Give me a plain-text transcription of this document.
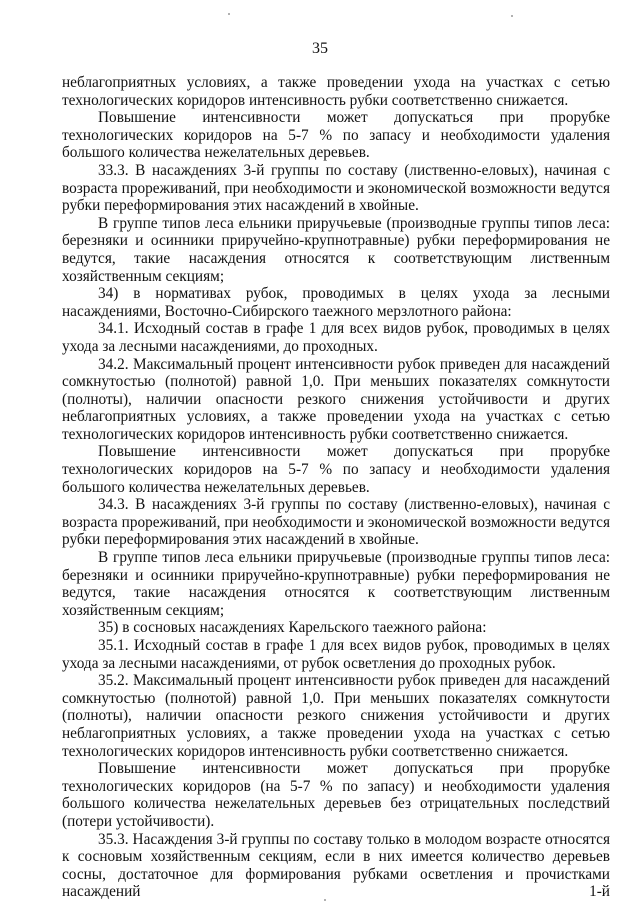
35

неблагоприятных условиях, а также проведении ухода на участках с сетью технологических коридоров интенсивность рубки соответственно снижается.

Повышение интенсивности может допускаться при прорубке технологических коридоров на 5-7 % по запасу и необходимости удаления большого количества нежелательных деревьев.

33.3. В насаждениях 3-й группы по составу (лиственно-еловых), начиная с возраста прореживаний, при необходимости и экономической возможности ведутся рубки переформирования этих насаждений в хвойные.

В группе типов леса ельники приручьевые (производные группы типов леса: березняки и осинники приручейно-крупнотравные) рубки переформирования не ведутся, такие насаждения относятся к соответствующим лиственным хозяйственным секциям;

34) в нормативах рубок, проводимых в целях ухода за лесными насаждениями, Восточно-Сибирского таежного мерзлотного района:

34.1. Исходный состав в графе 1 для всех видов рубок, проводимых в целях ухода за лесными насаждениями, до проходных.

34.2. Максимальный процент интенсивности рубок приведен для насаждений сомкнутостью (полнотой) равной 1,0. При меньших показателях сомкнутости (полноты), наличии опасности резкого снижения устойчивости и других неблагоприятных условиях, а также проведении ухода на участках с сетью технологических коридоров интенсивность рубки соответственно снижается.

Повышение интенсивности может допускаться при прорубке технологических коридоров на 5-7 % по запасу и необходимости удаления большого количества нежелательных деревьев.

34.3. В насаждениях 3-й группы по составу (лиственно-еловых), начиная с возраста прореживаний, при необходимости и экономической возможности ведутся рубки переформирования этих насаждений в хвойные.

В группе типов леса ельники приручьевые (производные группы типов леса: березняки и осинники приручейно-крупнотравные) рубки переформирования не ведутся, такие насаждения относятся к соответствующим лиственным хозяйственным секциям;

35) в сосновых насаждениях Карельского таежного района:

35.1. Исходный состав в графе 1 для всех видов рубок, проводимых в целях ухода за лесными насаждениями, от рубок осветления до проходных рубок.

35.2. Максимальный процент интенсивности рубок приведен для насаждений сомкнутостью (полнотой) равной 1,0. При меньших показателях сомкнутости (полноты), наличии опасности резкого снижения устойчивости и других неблагоприятных условиях, а также проведении ухода на участках с сетью технологических коридоров интенсивность рубки соответственно снижается.

Повышение интенсивности может допускаться при прорубке технологических коридоров (на 5-7 % по запасу) и необходимости удаления большого количества нежелательных деревьев без отрицательных последствий (потери устойчивости).

35.3. Насаждения 3-й группы по составу только в молодом возрасте относятся к сосновым хозяйственным секциям, если в них имеется количество деревьев сосны, достаточное для формирования рубками осветления и прочистками насаждений 1-й
